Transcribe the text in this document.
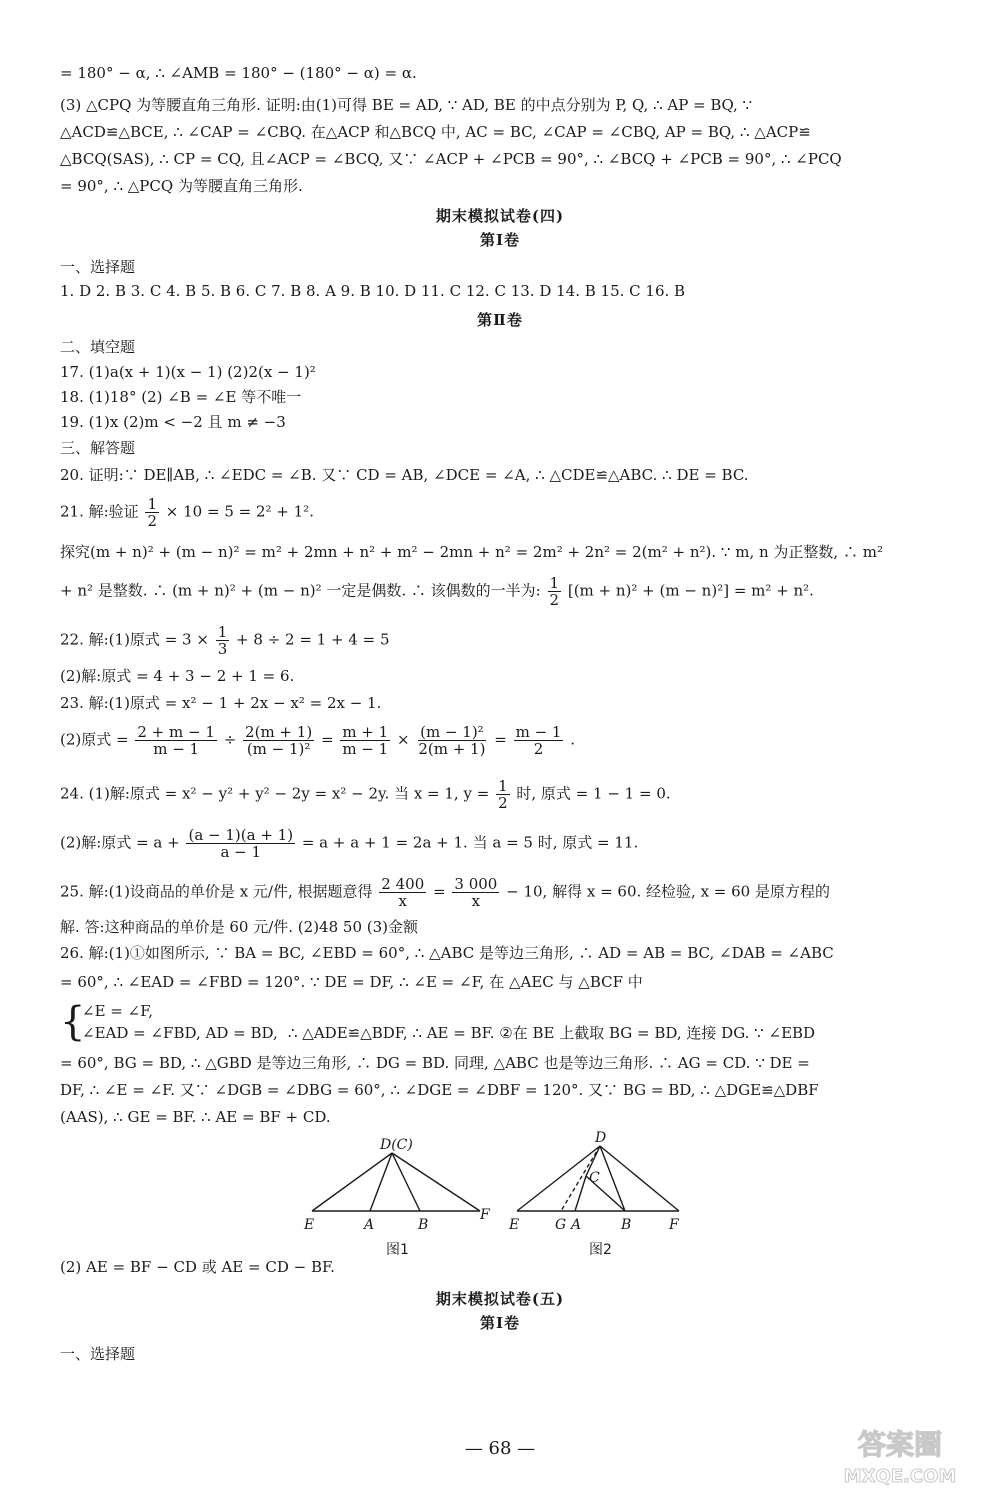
= 180° − α, ∴ ∠AMB = 180° − (180° − α) = α.
(3) △CPQ 为等腰直角三角形. 证明:由(1)可得 BE = AD, ∵ AD, BE 的中点分别为 P, Q, ∴ AP = BQ, ∵
△ACD≌△BCE, ∴ ∠CAP = ∠CBQ. 在△ACP 和△BCQ 中, AC = BC, ∠CAP = ∠CBQ, AP = BQ, ∴ △ACP≌
△BCQ(SAS), ∴ CP = CQ, 且∠ACP = ∠BCQ, 又∵ ∠ACP + ∠PCB = 90°, ∴ ∠BCQ + ∠PCB = 90°, ∴ ∠PCQ
= 90°, ∴ △PCQ 为等腰直角三角形.
期末模拟试卷(四)
第Ⅰ卷
一、选择题
1. D 2. B 3. C 4. B 5. B 6. C 7. B 8. A 9. B 10. D 11. C 12. C 13. D 14. B 15. C 16. B
第Ⅱ卷
二、填空题
17. (1)a(x + 1)(x − 1) (2)2(x − 1)²
18. (1)18° (2) ∠B = ∠E 等不唯一
19. (1)x (2)m < −2 且 m ≠ −3
三、解答题
20. 证明:∵ DE∥AB, ∴ ∠EDC = ∠B. 又∵ CD = AB, ∠DCE = ∠A, ∴ △CDE≌△ABC. ∴ DE = BC.
21. 解:验证 $\frac{1}{2} \times 10 = 5 = 2^2 + 1^2$.
探究(m + n)² + (m − n)² = m² + 2mn + n² + m² − 2mn + n² = 2m² + 2n² = 2(m² + n²). ∵ m, n 为正整数, ∴ m²
+ n² 是整数. ∴ (m + n)² + (m − n)² 一定是偶数. ∴ 该偶数的一半为: $\frac{1}{2} [(m + n)^2 + (m - n)^2] = m^2 + n^2$.
22. 解:(1)原式 = $3 \times \frac{1}{3} + 8 \div 2 = 1 + 4 = 5$
(2)解:原式 = 4 + 3 − 2 + 1 = 6.
23. 解:(1)原式 = x² − 1 + 2x − x² = 2x − 1.
(2)原式 = $\frac{2 + m - 1}{m - 1} \div \frac{2(m + 1)}{\text{(m − 1)²}} = \frac{m + 1}{m - 1} \times \frac{\text{(m − 1)²}}{2(m + 1)} = \frac{m - 1}{2}$ .
24. (1)解:原式 = x² − y² + y² − 2y = x² − 2y. 当 x = 1, $y = \frac{1}{2}$ 时, 原式 = 1 − 1 = 0.
(2)解:原式 = $a + \frac{(a - 1)(a + 1)}{a - 1} = a + a + 1 = 2a + 1$. 当 a = 5 时, 原式 = 11.
25. 解:(1)设商品的单价是 x 元/件, 根据题意得 $\frac{2 400}{x} = \frac{3 000}{x} - 10$, 解得 x = 60. 经检验, x = 60 是原方程的
解. 答:这种商品的单价是 60 元/件. (2)48 50 (3)金额
26. 解:(1)①如图所示, ∵ BA = BC, ∠EBD = 60°, ∴ △ABC 是等边三角形, ∴ AD = AB = BC, ∠DAB = ∠ABC
= 60°, ∴ ∠EAD = ∠FBD = 120°. ∵ DE = DF, ∴ ∠E = ∠F, 在 △AEC 与 △BCF 中
{
∠E = ∠F,
∠EAD = ∠FBD, AD = BD, ∴ △ADE≌△BDF, ∴ AE = BF. ②在 BE 上截取 BG = BD, 连接 DG. ∵ ∠EBD
= 60°, BG = BD, ∴ △GBD 是等边三角形, ∴ DG = BD. 同理, △ABC 也是等边三角形. ∴ AG = CD. ∵ DE =
DF, ∴ ∠E = ∠F. 又∵ ∠DGB = ∠DBG = 60°, ∴ ∠DGE = ∠DBF = 120°. 又∵ BG = BD, ∴ △DGE≌△DBF
(AAS), ∴ GE = BF. ∴ AE = BF + CD.
D(C)
E	A	B
F
图1
D
C
E	G A	B	F
图2
(2) AE = BF − CD 或 AE = CD − BF.
期末模拟试卷(五)
第Ⅰ卷
一、选择题
— 68 —	答案圈
MXQE.COM
